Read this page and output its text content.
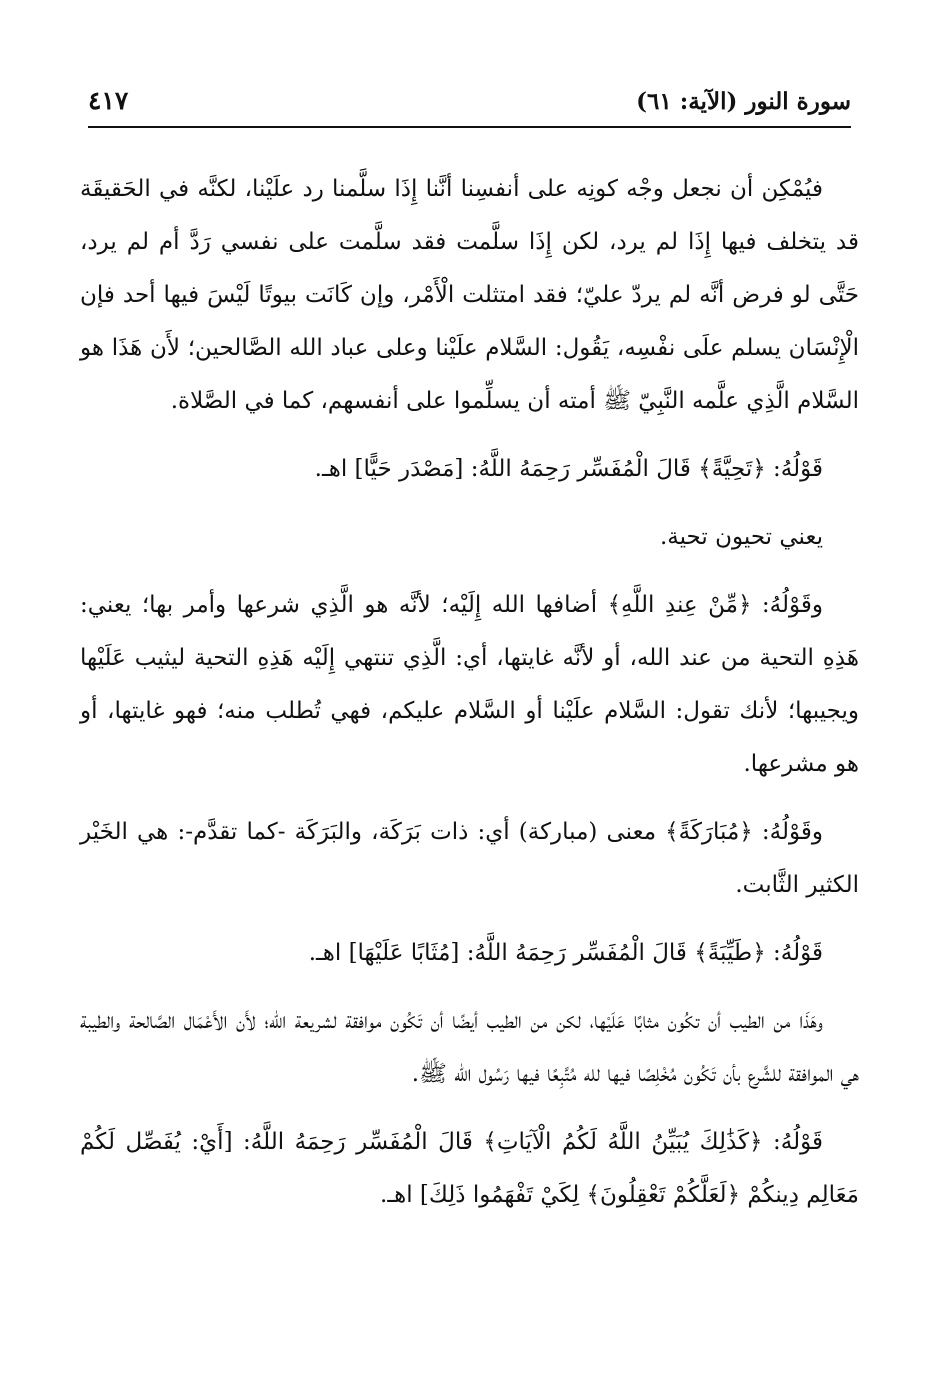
سورة النور (الآية: ٦١)
٤١٧

فيُمْكِن أن نجعل وجْه كونِه على أنفسِنا أنَّنا إِذَا سلَّمنا رد علَيْنا، لكنَّه في الحَقيقَة قد يتخلف فيها إِذَا لم يرد، لكن إِذَا سلَّمت فقد سلَّمت على نفسي رَدَّ أم لم يرد، حَتَّى لو فرض أنَّه لم يردّ عليّ؛ فقد امتثلت الْأَمْر، وإن كَانَت بيوتًا لَيْسَ فيها أحد فإن الْإِنْسَان يسلم علَى نفْسِه، يَقُول: السَّلام علَيْنا وعلى عباد الله الصَّالحين؛ لأَن هَذَا هو السَّلام الَّذِي علَّمه النَّبِيّ ﷺ أمته أن يسلِّموا على أنفسهم، كما في الصَّلاة.

قَوْلُهُ: ﴿تَحِيَّةً﴾ قَالَ الْمُفَسِّر رَحِمَهُ اللَّهُ: [مَصْدَر حَيًّا] اهـ.

يعني تحيون تحية.

وقَوْلُهُ: ﴿مِّنْ عِندِ اللَّهِ﴾ أضافها الله إِلَيْه؛ لأنَّه هو الَّذِي شرعها وأمر بها؛ يعني: هَذِهِ التحية من عند الله، أو لأنَّه غايتها، أي: الَّذِي تنتهي إِلَيْه هَذِهِ التحية ليثيب عَلَيْها ويجيبها؛ لأنك تقول: السَّلام علَيْنا أو السَّلام عليكم، فهي تُطلب منه؛ فهو غايتها، أو هو مشرعها.

وقَوْلُهُ: ﴿مُبَارَكَةً﴾ معنى (مباركة) أي: ذات بَرَكَة، والبَرَكَة -كما تقدَّم-: هي الخَيْر الكثير الثَّابت.

قَوْلُهُ: ﴿طَيِّبَةً﴾ قَالَ الْمُفَسِّر رَحِمَهُ اللَّهُ: [مُثَابًا عَلَيْهَا] اهـ.

وهَذَا من الطيب أن تكُون مثابًا عَلَيْها، لكن من الطيب أيضًا أن تَكُون موافقة لشريعة الله؛ لأَن الأَعْمَال الصَّالحة والطيبة هي الموافقة للشَّرع بأن تَكُون مُخْلِصًا فيها لله مُتَّبِعًا فيها رَسُول الله ﷺ.

قَوْلُهُ: ﴿كَذَٰلِكَ يُبَيِّنُ اللَّهُ لَكُمُ الْآيَاتِ﴾ قَالَ الْمُفَسِّر رَحِمَهُ اللَّهُ: [أَيْ: يُفَصِّل لَكُمْ مَعَالِم دِينكُمْ ﴿لَعَلَّكُمْ تَعْقِلُونَ﴾ لِكَيْ تَفْهَمُوا ذَلِكَ] اهـ.
